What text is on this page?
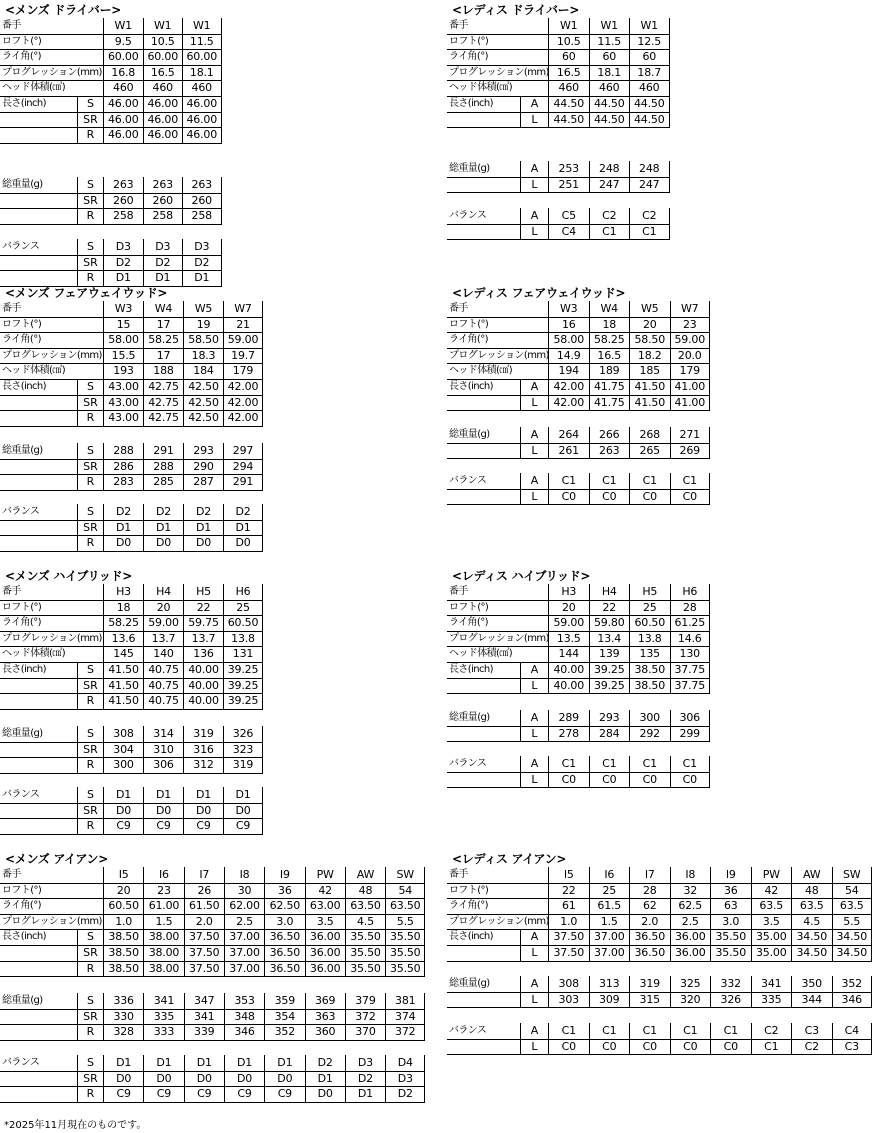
<メンズ ドライバー>
番手	W1	W1	W1
ロフト(°)	9.5	10.5	11.5
ライ角(°)	60.00 60.00 60.00
プログレッション(mm) 16.8	16.5	18.1
ヘッド体積(㎤)	460	460	460
長さ(inch)	S	46.00 46.00 46.00
SR 46.00 46.00 46.00
R	46.00 46.00 46.00
総重量(g)	S	263	263	263
SR	260	260	260
R	258	258	258
バランス	S	D3	D3	D3
SR	D2	D2	D2
R	D1	D1	D1
<レディス ドライバー>
番手	W1	W1	W1
ロフト(°)	10.5	11.5	12.5
ライ角(°)	60	60	60
プログレッション(mm) 16.5	18.1	18.7
ヘッド体積(㎤)	460	460	460
長さ(inch)	A	44.50 44.50 44.50
L	44.50 44.50 44.50
総重量(g)	A	253	248	248
L	251	247	247
バランス	A	C5	C2	C2
L	C4	C1	C1
<メンズ フェアウェイウッド>
番手	W3	W4	W5	W7
ロフト(°)	15	17	19	21
ライ角(°)	58.00 58.25 58.50 59.00
プログレッション(mm) 15.5	17	18.3	19.7
ヘッド体積(㎤)	193	188	184	179
長さ(inch)	S	43.00 42.75 42.50 42.00
SR 43.00 42.75 42.50 42.00
R	43.00 42.75 42.50 42.00
総重量(g)	S	288	291	293	297
SR	286	288	290	294
R	283	285	287	291
バランス	S	D2	D2	D2	D2
SR	D1	D1	D1	D1
R	D0	D0	D0	D0
<レディス フェアウェイウッド>
番手	W3	W4	W5	W7
ロフト(°)	16	18	20	23
ライ角(°)	58.00 58.25 58.50 59.00
プログレッション(mm) 14.9	16.5	18.2	20.0
ヘッド体積(㎤)	194	189	185	179
長さ(inch)	A	42.00 41.75 41.50 41.00
L	42.00 41.75 41.50 41.00
総重量(g)	A	264	266	268	271
L	261	263	265	269
バランス	A	C1	C1	C1	C1
L	C0	C0	C0	C0
<メンズ ハイブリッド>
番手	H3	H4	H5	H6
ロフト(°)	18	20	22	25
ライ角(°)	58.25 59.00 59.75 60.50
プログレッション(mm) 13.6	13.7	13.7	13.8
ヘッド体積(㎤)	145	140	136	131
長さ(inch)	S	41.50 40.75 40.00 39.25
SR 41.50 40.75 40.00 39.25
R	41.50 40.75 40.00 39.25
総重量(g)	S	308	314	319	326
SR	304	310	316	323
R	300	306	312	319
バランス	S	D1	D1	D1	D1
SR	D0	D0	D0	D0
R	C9	C9	C9	C9
<レディス ハイブリッド>
番手	H3	H4	H5	H6
ロフト(°)	20	22	25	28
ライ角(°)	59.00 59.80 60.50 61.25
プログレッション(mm) 13.5	13.4	13.8	14.6
ヘッド体積(㎤)	144	139	135	130
長さ(inch)	A	40.00 39.25 38.50 37.75
L	40.00 39.25 38.50 37.75
総重量(g)	A	289	293	300	306
L	278	284	292	299
バランス	A	C1	C1	C1	C1
L	C0	C0	C0	C0
<メンズ アイアン>
番手	I5	I6	I7	I8	I9	PW	AW	SW
ロフト(°)	20	23	26	30	36	42	48	54
ライ角(°)	60.50 61.00 61.50 62.00 62.50 63.00 63.50 63.50
プログレッション(mm)	1.0	1.5	2.0	2.5	3.0	3.5	4.5	5.5
長さ(inch)	S	38.50 38.00 37.50 37.00 36.50 36.00 35.50 35.50
SR 38.50 38.00 37.50 37.00 36.50 36.00 35.50 35.50
R	38.50 38.00 37.50 37.00 36.50 36.00 35.50 35.50
総重量(g)	S	336	341	347	353	359	369	379	381
SR	330	335	341	348	354	363	372	374
R	328	333	339	346	352	360	370	372
バランス	S	D1	D1	D1	D1	D1	D2	D3	D4
SR	D0	D0	D0	D0	D0	D1	D2	D3
R	C9	C9	C9	C9	C9	D0	D1	D2
<レディス アイアン>
番手	I5	I6	I7	I8	I9	PW	AW	SW
ロフト(°)	22	25	28	32	36	42	48	54
ライ角(°)	61	61.5	62	62.5	63	63.5	63.5	63.5
プログレッション(mm)	1.0	1.5	2.0	2.5	3.0	3.5	4.5	5.5
長さ(inch)	A	37.50 37.00 36.50 36.00 35.50 35.00 34.50 34.50
L	37.50 37.00 36.50 36.00 35.50 35.00 34.50 34.50
総重量(g)	A	308	313	319	325	332	341	350	352
L	303	309	315	320	326	335	344	346
バランス	A	C1	C1	C1	C1	C1	C2	C3	C4
L	C0	C0	C0	C0	C0	C1	C2	C3
*2025年11月現在のものです。
